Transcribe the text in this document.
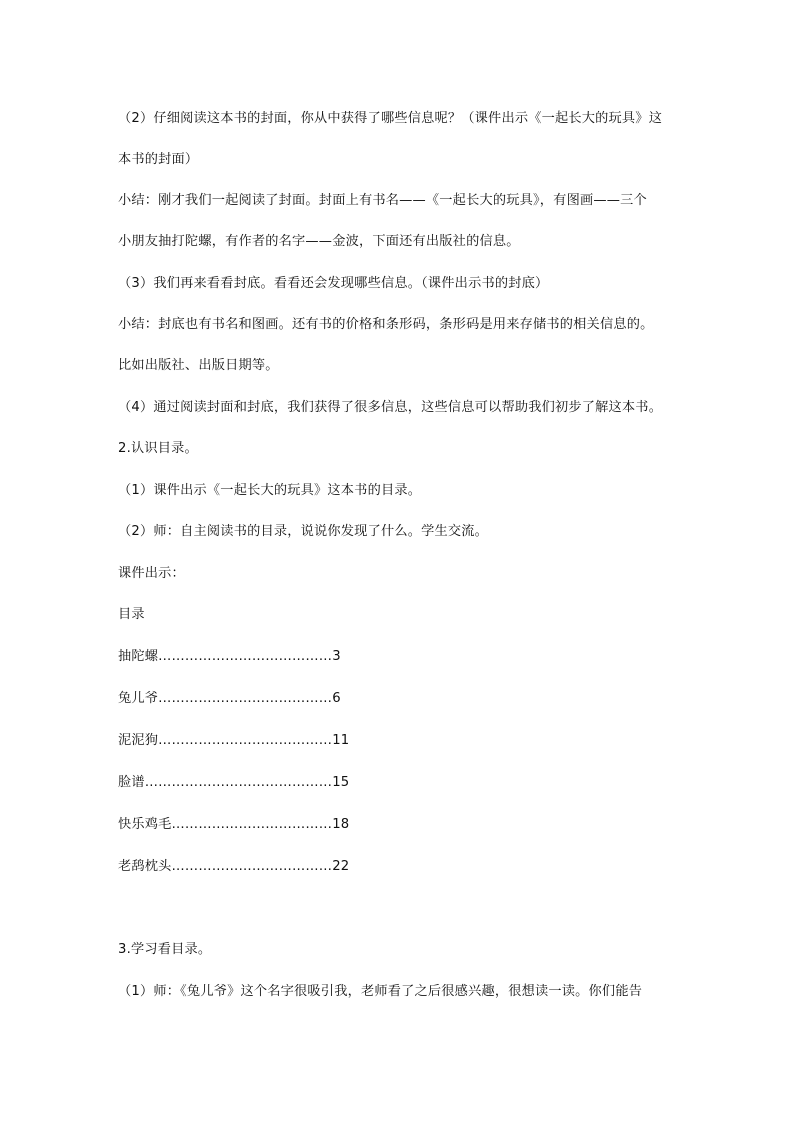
（2）仔细阅读这本书的封面，你从中获得了哪些信息呢？（课件出示《一起长大的玩具》这
本书的封面）
小结：刚才我们一起阅读了封面。封面上有书名——《一起长大的玩具》，有图画——三个
小朋友抽打陀螺，有作者的名字——金波，下面还有出版社的信息。
（3）我们再来看看封底。看看还会发现哪些信息。（课件出示书的封底）
小结：封底也有书名和图画。还有书的价格和条形码，条形码是用来存储书的相关信息的。
比如出版社、出版日期等。
（4）通过阅读封面和封底，我们获得了很多信息，这些信息可以帮助我们初步了解这本书。
2.认识目录。
（1）课件出示《一起长大的玩具》这本书的目录。
（2）师：自主阅读书的目录，说说你发现了什么。学生交流。
课件出示：
目录
抽陀螺…………………………………3
兔儿爷…………………………………6
泥泥狗…………………………………11
脸谱……………………………………15
快乐鸡毛………………………………18
老鸹枕头………………………………22
3.学习看目录。
（1）师：《兔儿爷》这个名字很吸引我，老师看了之后很感兴趣，很想读一读。你们能告
